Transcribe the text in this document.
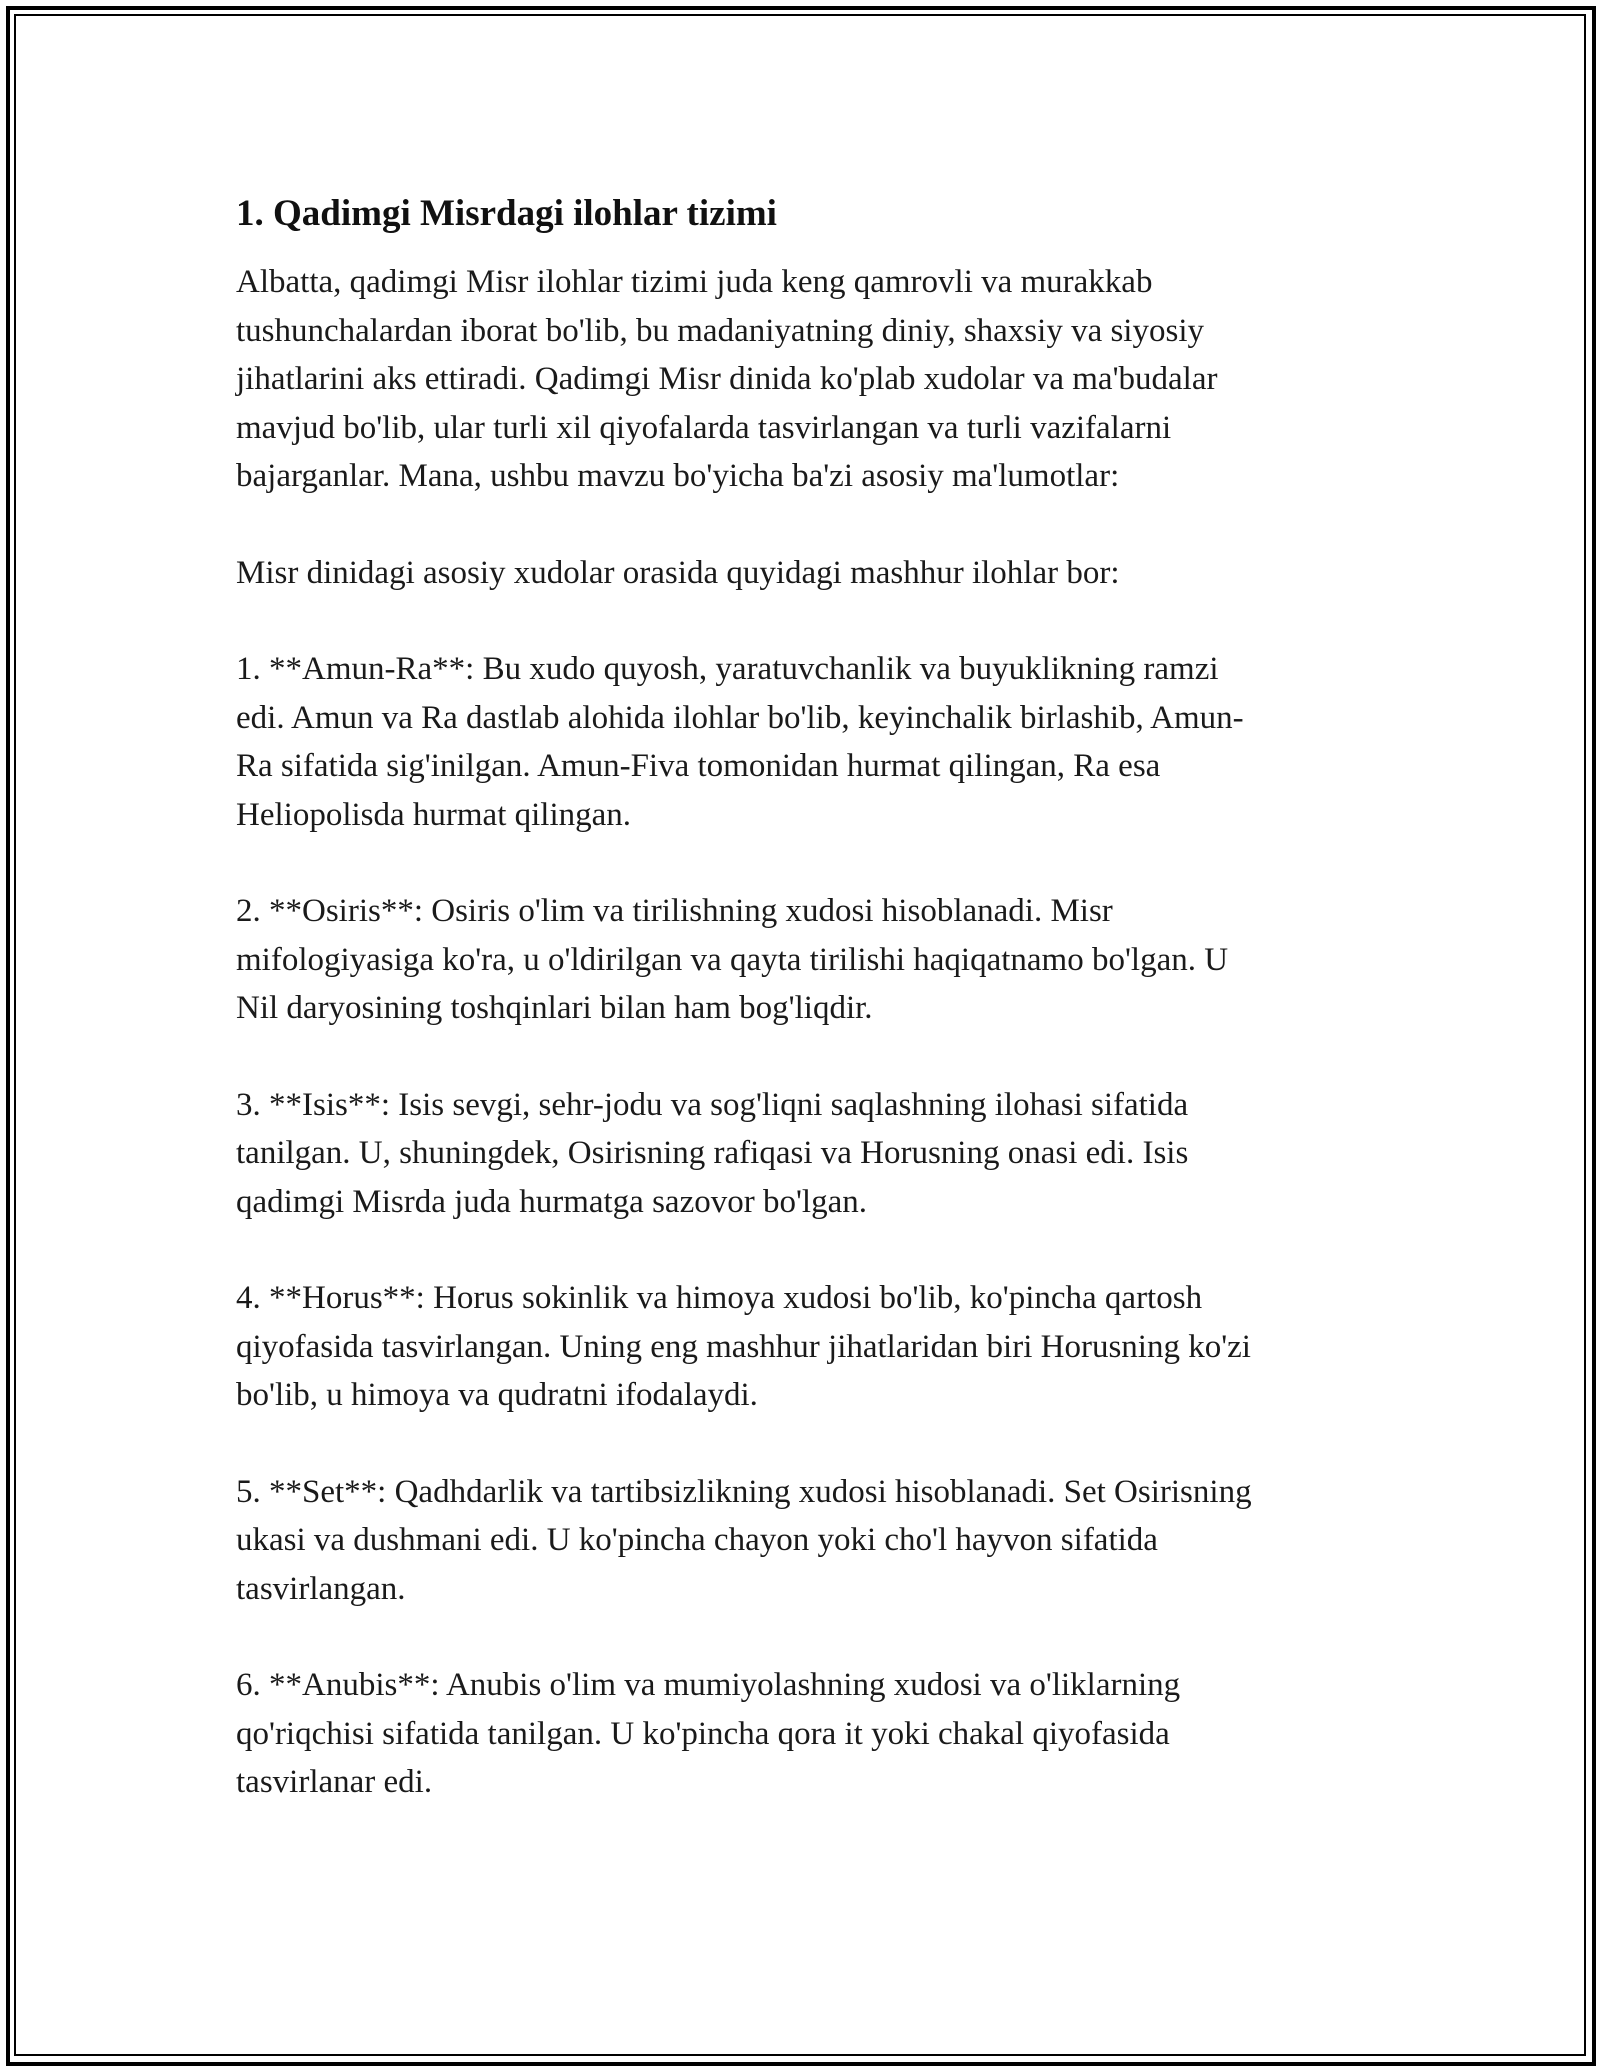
1. Qadimgi Misrdagi ilohlar tizimi

Albatta, qadimgi Misr ilohlar tizimi juda keng qamrovli va murakkab
tushunchalardan iborat bo'lib, bu madaniyatning diniy, shaxsiy va siyosiy
jihatlarini aks ettiradi. Qadimgi Misr dinida ko'plab xudolar va ma'budalar
mavjud bo'lib, ular turli xil qiyofalarda tasvirlangan va turli vazifalarni
bajarganlar. Mana, ushbu mavzu bo'yicha ba'zi asosiy ma'lumotlar:

Misr dinidagi asosiy xudolar orasida quyidagi mashhur ilohlar bor:

1. **Amun-Ra**: Bu xudo quyosh, yaratuvchanlik va buyuklikning ramzi
edi. Amun va Ra dastlab alohida ilohlar bo'lib, keyinchalik birlashib, Amun-
Ra sifatida sig'inilgan. Amun-Fiva tomonidan hurmat qilingan, Ra esa
Heliopolisda hurmat qilingan.

2. **Osiris**: Osiris o'lim va tirilishning xudosi hisoblanadi. Misr
mifologiyasiga ko'ra, u o'ldirilgan va qayta tirilishi haqiqatnamo bo'lgan. U
Nil daryosining toshqinlari bilan ham bog'liqdir.

3. **Isis**: Isis sevgi, sehr-jodu va sog'liqni saqlashning ilohasi sifatida
tanilgan. U, shuningdek, Osirisning rafiqasi va Horusning onasi edi. Isis
qadimgi Misrda juda hurmatga sazovor bo'lgan.

4. **Horus**: Horus sokinlik va himoya xudosi bo'lib, ko'pincha qartosh
qiyofasida tasvirlangan. Uning eng mashhur jihatlaridan biri Horusning ko'zi
bo'lib, u himoya va qudratni ifodalaydi.

5. **Set**: Qadhdarlik va tartibsizlikning xudosi hisoblanadi. Set Osirisning
ukasi va dushmani edi. U ko'pincha chayon yoki cho'l hayvon sifatida
tasvirlangan.

6. **Anubis**: Anubis o'lim va mumiyolashning xudosi va o'liklarning
qo'riqchisi sifatida tanilgan. U ko'pincha qora it yoki chakal qiyofasida
tasvirlanar edi.
